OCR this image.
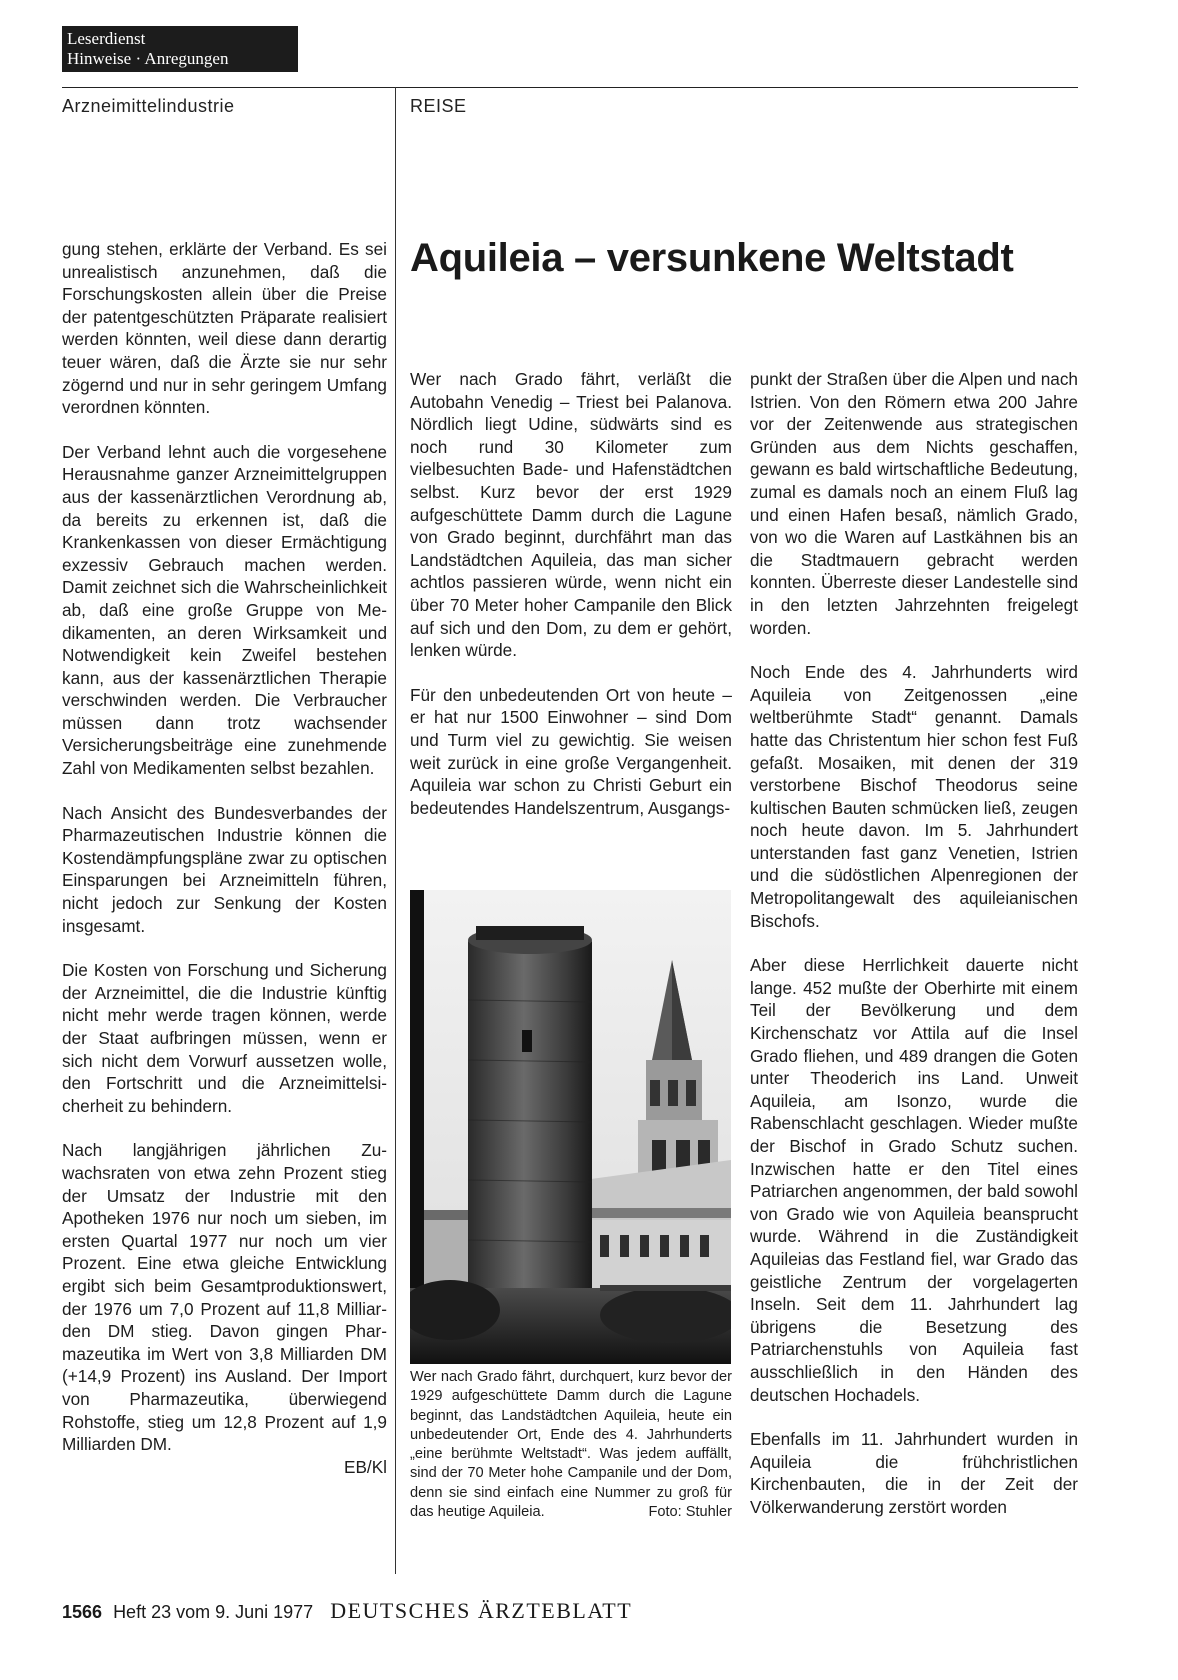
Leserdienst
Hinweise · Anregungen
Arzneimittelindustrie	REISE

gung stehen, erklärte der Verband. Es sei unrealistisch anzunehmen, daß die Forschungskosten allein über die Preise der patentgeschützten Präparate realisiert werden könnten, weil diese dann derartig teuer wären, daß die Ärzte sie nur sehr zögernd und nur in sehr geringem Umfang verordnen könnten.

Der Verband lehnt auch die vorgesehene Herausnahme ganzer Arzneimittelgruppen aus der kassenärztlichen Verordnung ab, da bereits zu erkennen ist, daß die Krankenkassen von dieser Ermächtigung exzessiv Gebrauch machen werden. Damit zeichnet sich die Wahrscheinlichkeit ab, daß eine große Gruppe von Medikamenten, an deren Wirksamkeit und Notwendigkeit kein Zweifel bestehen kann, aus der kassenärztlichen Therapie verschwinden werden. Die Verbraucher müssen dann trotz wachsender Versicherungsbeiträge eine zunehmende Zahl von Medikamenten selbst bezahlen.

Nach Ansicht des Bundesverbandes der Pharmazeutischen Industrie können die Kostendämpfungspläne zwar zu optischen Einsparungen bei Arzneimitteln führen, nicht jedoch zur Senkung der Kosten insgesamt.

Die Kosten von Forschung und Sicherung der Arzneimittel, die die Industrie künftig nicht mehr werde tragen können, werde der Staat aufbringen müssen, wenn er sich nicht dem Vorwurf aussetzen wolle, den Fortschritt und die Arzneimittelsicherheit zu behindern.

Nach langjährigen jährlichen Zuwachsraten von etwa zehn Prozent stieg der Umsatz der Industrie mit den Apotheken 1976 nur noch um sieben, im ersten Quartal 1977 nur noch um vier Prozent. Eine etwa gleiche Entwicklung ergibt sich beim Gesamtproduktionswert, der 1976 um 7,0 Prozent auf 11,8 Milliarden DM stieg. Davon gingen Pharmazeutika im Wert von 3,8 Milliarden DM (+14,9 Prozent) ins Ausland. Der Import von Pharmazeutika, überwiegend Rohstoffe, stieg um 12,8 Prozent auf 1,9 Milliarden DM.

EB/Kl
Aquileia – versunkene Weltstadt

Wer nach Grado fährt, verläßt die Autobahn Venedig – Triest bei Palanova. Nördlich liegt Udine, südwärts sind es noch rund 30 Kilometer zum vielbesuchten Bade- und Hafenstädtchen selbst. Kurz bevor der erst 1929 aufgeschüttete Damm durch die Lagune von Grado beginnt, durchfährt man das Landstädtchen Aquileia, das man sicher achtlos passieren würde, wenn nicht ein über 70 Meter hoher Campanile den Blick auf sich und den Dom, zu dem er gehört, lenken würde.

Für den unbedeutenden Ort von heute – er hat nur 1500 Einwohner – sind Dom und Turm viel zu gewichtig. Sie weisen weit zurück in eine große Vergangenheit. Aquileia war schon zu Christi Geburt ein bedeutendes Handelszentrum, Ausgangs-

Wer nach Grado fährt, durchquert, kurz bevor der 1929 aufgeschüttete Damm durch die Lagune beginnt, das Landstädtchen Aquileia, heute ein unbedeutender Ort, Ende des 4. Jahrhunderts „eine berühmte Weltstadt“. Was jedem auffällt, sind der 70 Meter hohe Campanile und der Dom, denn sie sind einfach eine Nummer zu groß für das heutige Aquileia.	Foto: Stuhler

punkt der Straßen über die Alpen und nach Istrien. Von den Römern etwa 200 Jahre vor der Zeitenwende aus strategischen Gründen aus dem Nichts geschaffen, gewann es bald wirtschaftliche Bedeutung, zumal es damals noch an einem Fluß lag und einen Hafen besaß, nämlich Grado, von wo die Waren auf Lastkähnen bis an die Stadtmauern gebracht werden konnten. Überreste dieser Landestelle sind in den letzten Jahrzehnten freigelegt worden.

Noch Ende des 4. Jahrhunderts wird Aquileia von Zeitgenossen „eine weltberühmte Stadt“ genannt. Damals hatte das Christentum hier schon fest Fuß gefaßt. Mosaiken, mit denen der 319 verstorbene Bischof Theodorus seine kultischen Bauten schmücken ließ, zeugen noch heute davon. Im 5. Jahrhundert unterstanden fast ganz Venetien, Istrien und die südöstlichen Alpenregionen der Metropolitangewalt des aquileianischen Bischofs.

Aber diese Herrlichkeit dauerte nicht lange. 452 mußte der Oberhirte mit einem Teil der Bevölkerung und dem Kirchenschatz vor Attila auf die Insel Grado fliehen, und 489 drangen die Goten unter Theoderich ins Land. Unweit Aquileia, am Isonzo, wurde die Rabenschlacht geschlagen. Wieder mußte der Bischof in Grado Schutz suchen. Inzwischen hatte er den Titel eines Patriarchen angenommen, der bald sowohl von Grado wie von Aquileia beansprucht wurde. Während in die Zuständigkeit Aquileias das Festland fiel, war Grado das geistliche Zentrum der vorgelagerten Inseln. Seit dem 11. Jahrhundert lag übrigens die Besetzung des Patriarchenstuhls von Aquileia fast ausschließlich in den Händen des deutschen Hochadels.

Ebenfalls im 11. Jahrhundert wurden in Aquileia die frühchristlichen Kirchenbauten, die in der Zeit der Völkerwanderung zerstört worden

1566 Heft 23 vom 9. Juni 1977 DEUTSCHES ÄRZTEBLATT
